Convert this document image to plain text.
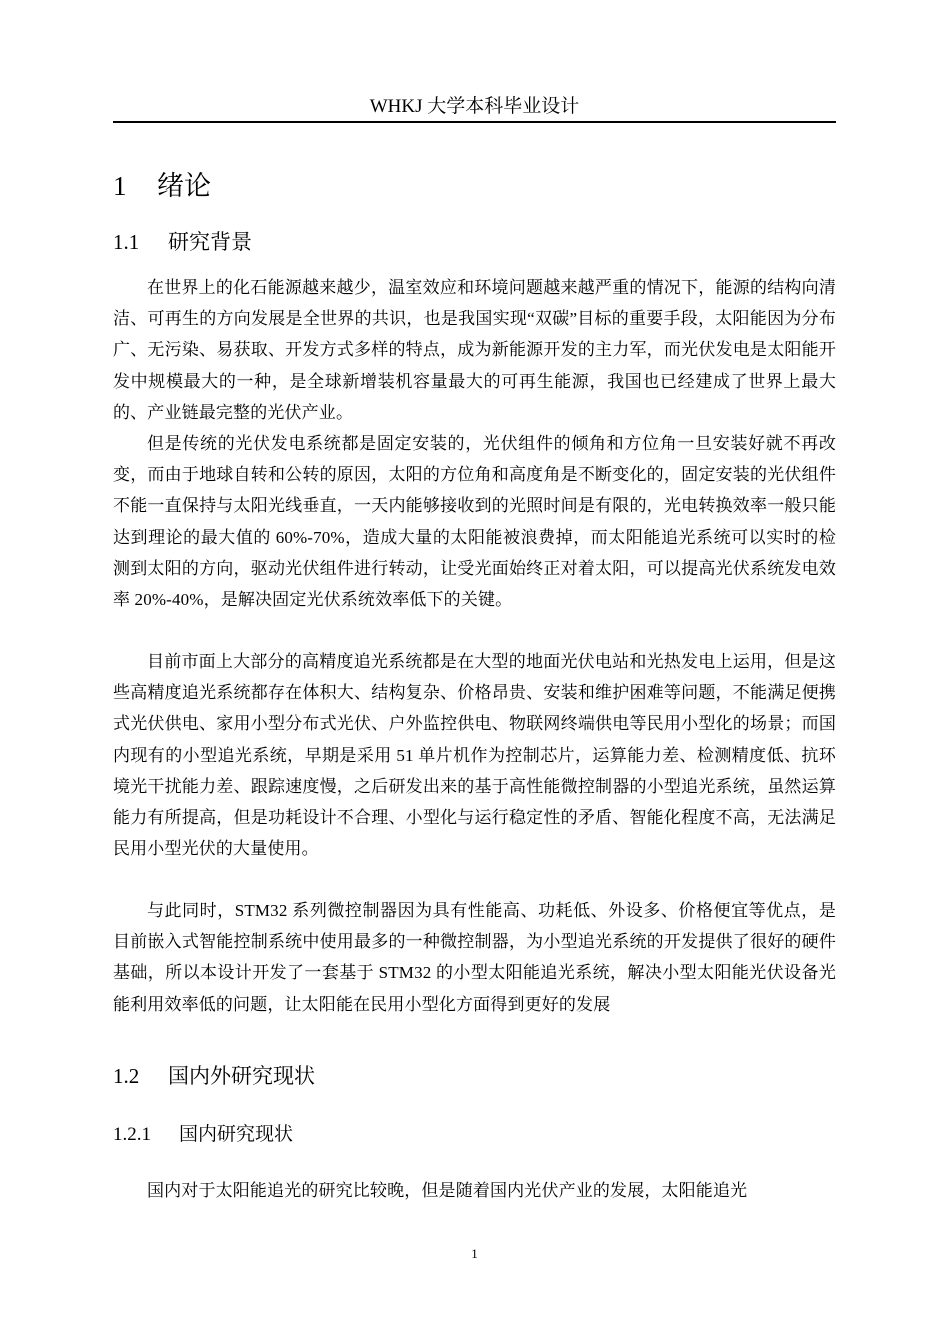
WHKJ 大学本科毕业设计
1 绪论
1.1 研究背景

在世界上的化石能源越来越少，温室效应和环境问题越来越严重的情况下，能源的结构向清洁、可再生的方向发展是全世界的共识，也是我国实现“双碳”目标的重要手段，太阳能因为分布广、无污染、易获取、开发方式多样的特点，成为新能源开发的主力军，而光伏发电是太阳能开发中规模最大的一种，是全球新增装机容量最大的可再生能源，我国也已经建成了世界上最大的、产业链最完整的光伏产业。

但是传统的光伏发电系统都是固定安装的，光伏组件的倾角和方位角一旦安装好就不再改变，而由于地球自转和公转的原因，太阳的方位角和高度角是不断变化的，固定安装的光伏组件不能一直保持与太阳光线垂直，一天内能够接收到的光照时间是有限的，光电转换效率一般只能达到理论的最大值的 60%-70%，造成大量的太阳能被浪费掉，而太阳能追光系统可以实时的检测到太阳的方向，驱动光伏组件进行转动，让受光面始终正对着太阳，可以提高光伏系统发电效率 20%-40%，是解决固定光伏系统效率低下的关键。

目前市面上大部分的高精度追光系统都是在大型的地面光伏电站和光热发电上运用，但是这些高精度追光系统都存在体积大、结构复杂、价格昂贵、安装和维护困难等问题，不能满足便携式光伏供电、家用小型分布式光伏、户外监控供电、物联网终端供电等民用小型化的场景；而国内现有的小型追光系统，早期是采用 51 单片机作为控制芯片，运算能力差、检测精度低、抗环境光干扰能力差、跟踪速度慢，之后研发出来的基于高性能微控制器的小型追光系统，虽然运算能力有所提高，但是功耗设计不合理、小型化与运行稳定性的矛盾、智能化程度不高，无法满足民用小型光伏的大量使用。

与此同时，STM32 系列微控制器因为具有性能高、功耗低、外设多、价格便宜等优点，是目前嵌入式智能控制系统中使用最多的一种微控制器，为小型追光系统的开发提供了很好的硬件基础，所以本设计开发了一套基于 STM32 的小型太阳能追光系统，解决小型太阳能光伏设备光能利用效率低的问题，让太阳能在民用小型化方面得到更好的发展

1.2 国内外研究现状
1.2.1 国内研究现状

国内对于太阳能追光的研究比较晚，但是随着国内光伏产业的发展，太阳能追光

1
